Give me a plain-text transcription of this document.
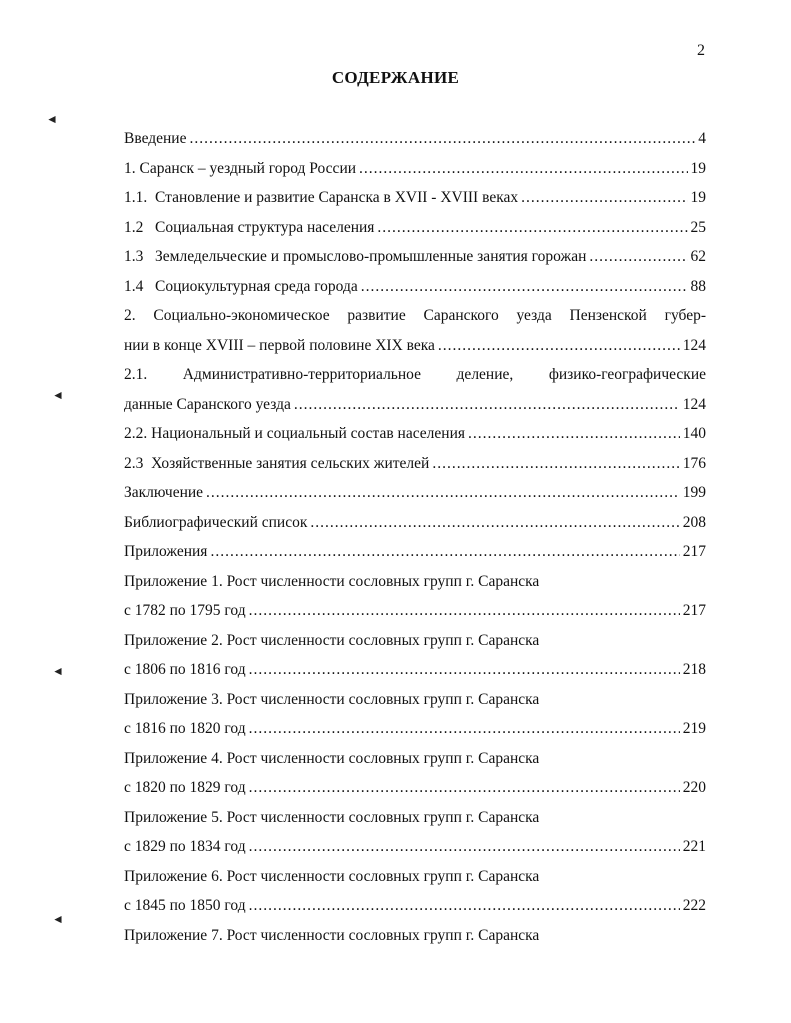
2
СОДЕРЖАНИЕ
◄
◄
◄
◄
Введение .....	4
1. Саранск – уездный город России .....	19
1.1.  Становление и развитие Саранска в XVII - XVIII веках .....	19
1.2   Социальная структура населения .....	25
1.3   Земледельческие и промыслово-промышленные занятия горожан .....	62
1.4   Социокультурная среда города .....	88
2. Социально-экономическое развитие Саранского уезда Пензенской губер-
нии в конце XVIII – первой половине XIX века .....	124
2.1. Административно-территориальное деление, физико-географические
данные Саранского уезда .....	124
2.2. Национальный и социальный состав населения .....	140
2.3  Хозяйственные занятия сельских жителей .....	176
Заключение .....	199
Библиографический список .....	208
Приложения .....	217
Приложение 1. Рост численности сословных групп г. Саранска
с 1782 по 1795 год .....	217
Приложение 2. Рост численности сословных групп г. Саранска
с 1806 по 1816 год .....	218
Приложение 3. Рост численности сословных групп г. Саранска
с 1816 по 1820 год .....	219
Приложение 4. Рост численности сословных групп г. Саранска
с 1820 по 1829 год .....	220
Приложение 5. Рост численности сословных групп г. Саранска
с 1829 по 1834 год .....	221
Приложение 6. Рост численности сословных групп г. Саранска
с 1845 по 1850 год .....	222
Приложение 7. Рост численности сословных групп г. Саранска
